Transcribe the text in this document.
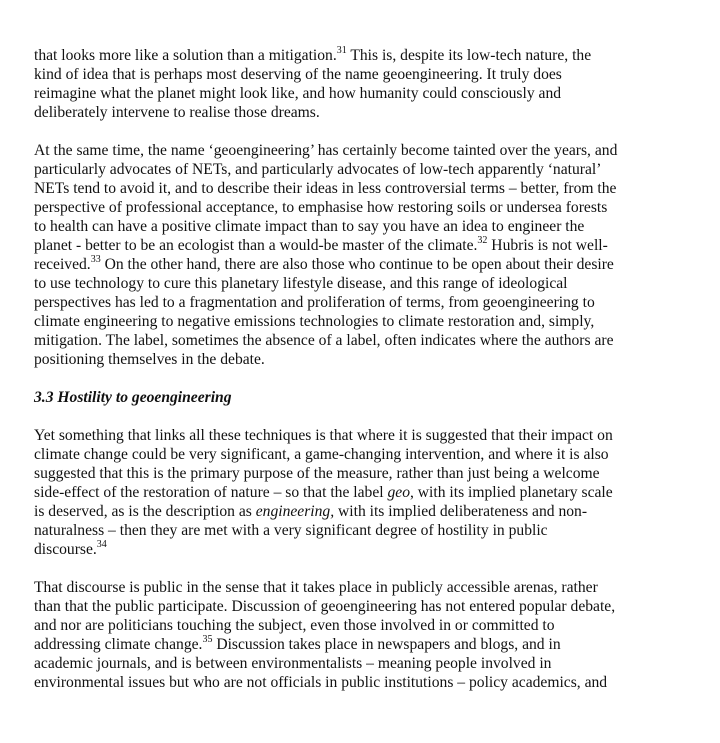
that looks more like a solution than a mitigation.$^{31}$ This is, despite its low-tech nature, the
kind of idea that is perhaps most deserving of the name geoengineering. It truly does
reimagine what the planet might look like, and how humanity could consciously and
deliberately intervene to realise those dreams.
At the same time, the name ‘geoengineering’ has certainly become tainted over the years, and
particularly advocates of NETs, and particularly advocates of low-tech apparently ‘natural’
NETs tend to avoid it, and to describe their ideas in less controversial terms – better, from the
perspective of professional acceptance, to emphasise how restoring soils or undersea forests
to health can have a positive climate impact than to say you have an idea to engineer the
planet - better to be an ecologist than a would-be master of the climate.$^{32}$ Hubris is not well-
received.$^{33}$ On the other hand, there are also those who continue to be open about their desire
to use technology to cure this planetary lifestyle disease, and this range of ideological
perspectives has led to a fragmentation and proliferation of terms, from geoengineering to
climate engineering to negative emissions technologies to climate restoration and, simply,
mitigation. The label, sometimes the absence of a label, often indicates where the authors are
positioning themselves in the debate.
3.3 Hostility to geoengineering
Yet something that links all these techniques is that where it is suggested that their impact on
climate change could be very significant, a game-changing intervention, and where it is also
suggested that this is the primary purpose of the measure, rather than just being a welcome
side-effect of the restoration of nature – so that the label geo, with its implied planetary scale
is deserved, as is the description as engineering, with its implied deliberateness and non-
naturalness – then they are met with a very significant degree of hostility in public
discourse.$^{34}$
That discourse is public in the sense that it takes place in publicly accessible arenas, rather
than that the public participate. Discussion of geoengineering has not entered popular debate,
and nor are politicians touching the subject, even those involved in or committed to
addressing climate change.$^{35}$ Discussion takes place in newspapers and blogs, and in
academic journals, and is between environmentalists – meaning people involved in
environmental issues but who are not officials in public institutions – policy academics, and
